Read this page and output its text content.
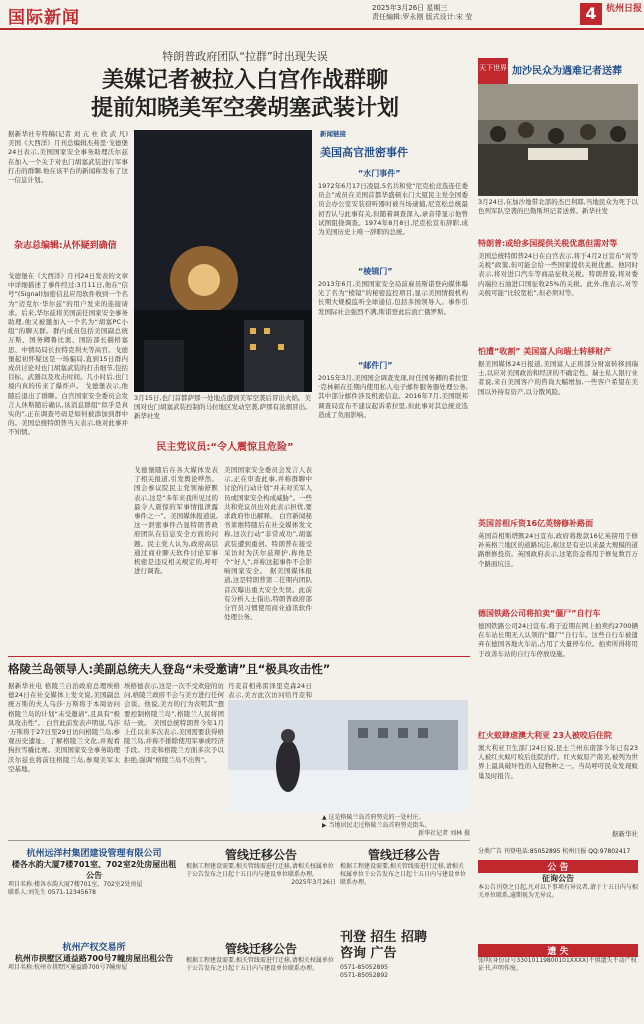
国际新闻	2025年3月26日 星期三
责任编辑:罗永刚 版式设计:宋 莹	4	杭州日报
特朗普政府团队“拉群”时出现失误
美媒记者被拉入白宫作战群聊
提前知晓美军空袭胡塞武装计划
据新华社专特稿(记者 刘 亢 杜 欣 武 凡)美国《大西洋》月刊总编辑杰弗里·戈德堡24日表示,美国国家安全事务助理沃尔兹在加入一个关于对也门胡塞武装进行军事打击的群聊,他在该平台的新闻称发布了这一信息计划。
杂志总编辑:从怀疑到确信
戈德堡在《大西洋》月刊24日发表的文章中详细描述了事件经过:3月11日,他在“信号”(Signal)加密信息应用软件收到一个名为“迈克尔·华尔兹”的用户发来的连接请求。后来,华尔兹将美国前任国家安全事务助理,他又被邀加入一个名为“胡塞PC小组”的聊天群。群内成员包括美国副总统万斯、国务卿鲁比奥、国防部长赫格塞思、中情局局长拉特克利夫等高官。戈德堡起初怀疑这是一场骗局,直到15日群内成员讨论对也门胡塞武装的打击细节,包括目标、武器以及攻击时间。几小时后,也门境内真的传来了爆炸声。 戈德堡表示,他随后退出了群聊。白宫国家安全委员会发言人休斯随后确认,该消息群组“似乎是真实的”,正在调查号码是如何被添加到群中的。美国总统特朗普当天表示,他对此事并不知情。
3月15日,也门首都萨那一处地点遭到美军空袭后冒出火焰。美国对也门胡塞武装控制的马拉地区发动空袭,萨那有浓烟冒出。新华社发
民主党议员:“令人震惊且危险”
戈德堡随后在各大媒体发表了相关报道,引发舆论哗然。国会参议院民主党领袖舒默表示,这是“多年来我所见过的最令人震惊的军事情报泄露事件之一”。美国媒体报道说,这一泄密事件凸显特朗普政府团队在信息安全方面的问题。民主党人认为,政府高层通过商业聊天软件讨论军事机密是违反相关规定的,呼吁进行调查。
美国国家安全委员会发言人表示,正在审查此事,并称群聊中讨论的行动计划“并未对美军人员或国家安全构成威胁”。一些共和党议员也对此表示担忧,要求政府作出解释。 白宫新闻秘书莱维特随后在社交媒体发文称,这次行动“非常成功”,胡塞武装遭到重创。特朗普在接受采访时为沃尔兹辩护,称他是个“好人”,并称这起事件不会影响国家安全。 据美国媒体报道,这是特朗普第二任期内团队首次曝出重大安全失误。此前有分析人士指出,特朗普政府部分官员习惯使用商业通讯软件处理公务。
新闻链接
美国高官泄密事件
“水门事件”
1972年6月17日凌晨,5名共和党“尼克松竞选连任委员会”成员在美国首都华盛顿水门大厦民主党全国委员会办公室安装窃听器时被当场逮捕,尼克松总统最初否认与此事有关,但随着调查深入,录音带显示他曾试图阻挠调查。1974年8月8日,尼克松宣布辞职,成为美国历史上唯一辞职的总统。
“棱镜门”
2013年6月,美国国家安全局前雇员斯诺登向媒体曝光了名为“棱镜”的秘密监控项目,显示美国情报机构长期大规模监听全球通信,包括多国领导人。事件引发国际社会强烈不满,斯诺登此后流亡俄罗斯。
“邮件门”
2015年3月,美国国会调查发现,时任国务卿的希拉里·克林顿在任期内使用私人电子邮件服务器处理公务,其中部分邮件涉及机密信息。2016年7月,美国联邦调查局宣布不建议起诉希拉里,但此事对其总统竞选造成了负面影响。
格陵兰岛领导人:美副总统夫人登岛“未受邀请”且“极具攻击性”
据新华社电 格陵兰自治政府总理埃格德24日在社交媒体上发文说,美国副总统万斯的夫人乌莎·万斯将于本周访问格陵兰岛的计划“未受邀请”,且具有“极具攻击性”。 白宫此前发表声明说,乌莎·万斯将于27日至29日访问格陵兰岛,参观历史遗址、了解格陵兰文化,并观看狗拉雪橇比赛。美国国家安全事务助理沃尔兹也将前往格陵兰岛,参观美军太空基地。
埃格德表示,这是一次不受欢迎的访问,格陵兰政府不会与美方进行任何会谈。他说,美方的行为表明其“想要控制格陵兰岛”,格陵兰人民将团结一致。 美国总统特朗普今年1月上任以来多次表示,美国需要获得格陵兰岛,并称不排除使用军事或经济手段。丹麦和格陵兰方面多次予以拒绝,强调“格陵兰岛不出售”。
丹麦首相弗雷泽里克森24日表示,美方此次访问给丹麦和
▲ 这是格陵兰岛首府努克的一处村庄。
▶ 当地居民走过格陵兰岛首府努克街头。
新华社记者 刘林 摄
杭州远洋村集团建设管理有限公司
楼各水韵大厦7楼701室、702室2处房屋出租公告
项目名称:楼各水韵大厦7楼701室、702室2处房屋
联系人:刘先生 0571-12345678
杭州产权交易所
杭州市拱墅区通益路700号7幢房屋出租公告
项目名称:杭州市拱墅区通益路700号7幢房屋
管线迁移公告
根据工程建设需要,相关管线需进行迁移,请相关权属单位于公告发布之日起十五日内与建设单位联系办理。
2025年3月26日
管线迁移公告
根据工程建设需要,相关管线需进行迁移,请相关权属单位于公告发布之日起十五日内与建设单位联系办理。
管线迁移公告
根据工程建设需要,相关管线需进行迁移,请相关权属单位于公告发布之日起十五日内与建设单位联系办理。
刊登 招生 招聘
咨询 广告
0571-85052895
0571-85052892
天下世界 加沙民众为遇难记者送葬
3月24日,在加沙地带北部的杰巴利耶,当地民众为死于以色列军队空袭的巴勒斯坦记者送葬。新华社发
特朗普:或给多国提供关税优惠但需对等
美国总统特朗普24日在白宫表示,将于4月2日宣布“对等关税”政策,但可能会给一些国家提供关税优惠。他同时表示,将对进口汽车等商品征收关税。特朗普说,将对委内瑞拉石油进口国征收25%的关税。此外,他表示,对等关税可能“比较宽松”,但必须对等。
怕遭“收割” 美国富人向瑞士转移财产
据美国媒体24日报道,美国富人正将部分财富转移到瑞士,以应对美国政治和经济的不确定性。瑞士私人银行业者说,来自美国客户的咨询大幅增加,一些客户希望在美国以外持有资产,以分散风险。
英国首相斥资16亿英镑修补路面
英国首相斯塔默24日宣布,政府将拨款16亿英镑用于修补英格兰地区的道路坑洼,称这是有史以来最大规模的道路维修投资。英国政府表示,这笔资金将用于修复数百万个路面坑洼。
德国铁路公司将拍卖“僵尸”自行车
德国铁路公司24日宣布,将于近期在网上拍卖约2700辆在车站长期无人认领的“僵尸”自行车。这些自行车被遗弃在德国各地火车站,占用了大量停车位。拍卖所得将用于改善车站的自行车停放设施。
红火蚁肆虐澳大利亚 23人被咬后住院
澳大利亚卫生部门24日说,昆士兰州东南部今年已有23人被红火蚁叮咬后住院治疗。红火蚁原产南美,被列为世界上最具破坏性的入侵物种之一。当局呼吁民众发现蚁巢及时报告。
据新华社
分类广告 刊登电话:85052895 杭州日报 QQ:97802417
公 告
征询公告
本公告刊登之日起,凡对以下事项有异议者,请于十五日内与相关单位联系,逾期视为无异议。
遗 失
张明(身份证号33010119800101XXXX)不慎遗失不动产权证书,声明作废。
